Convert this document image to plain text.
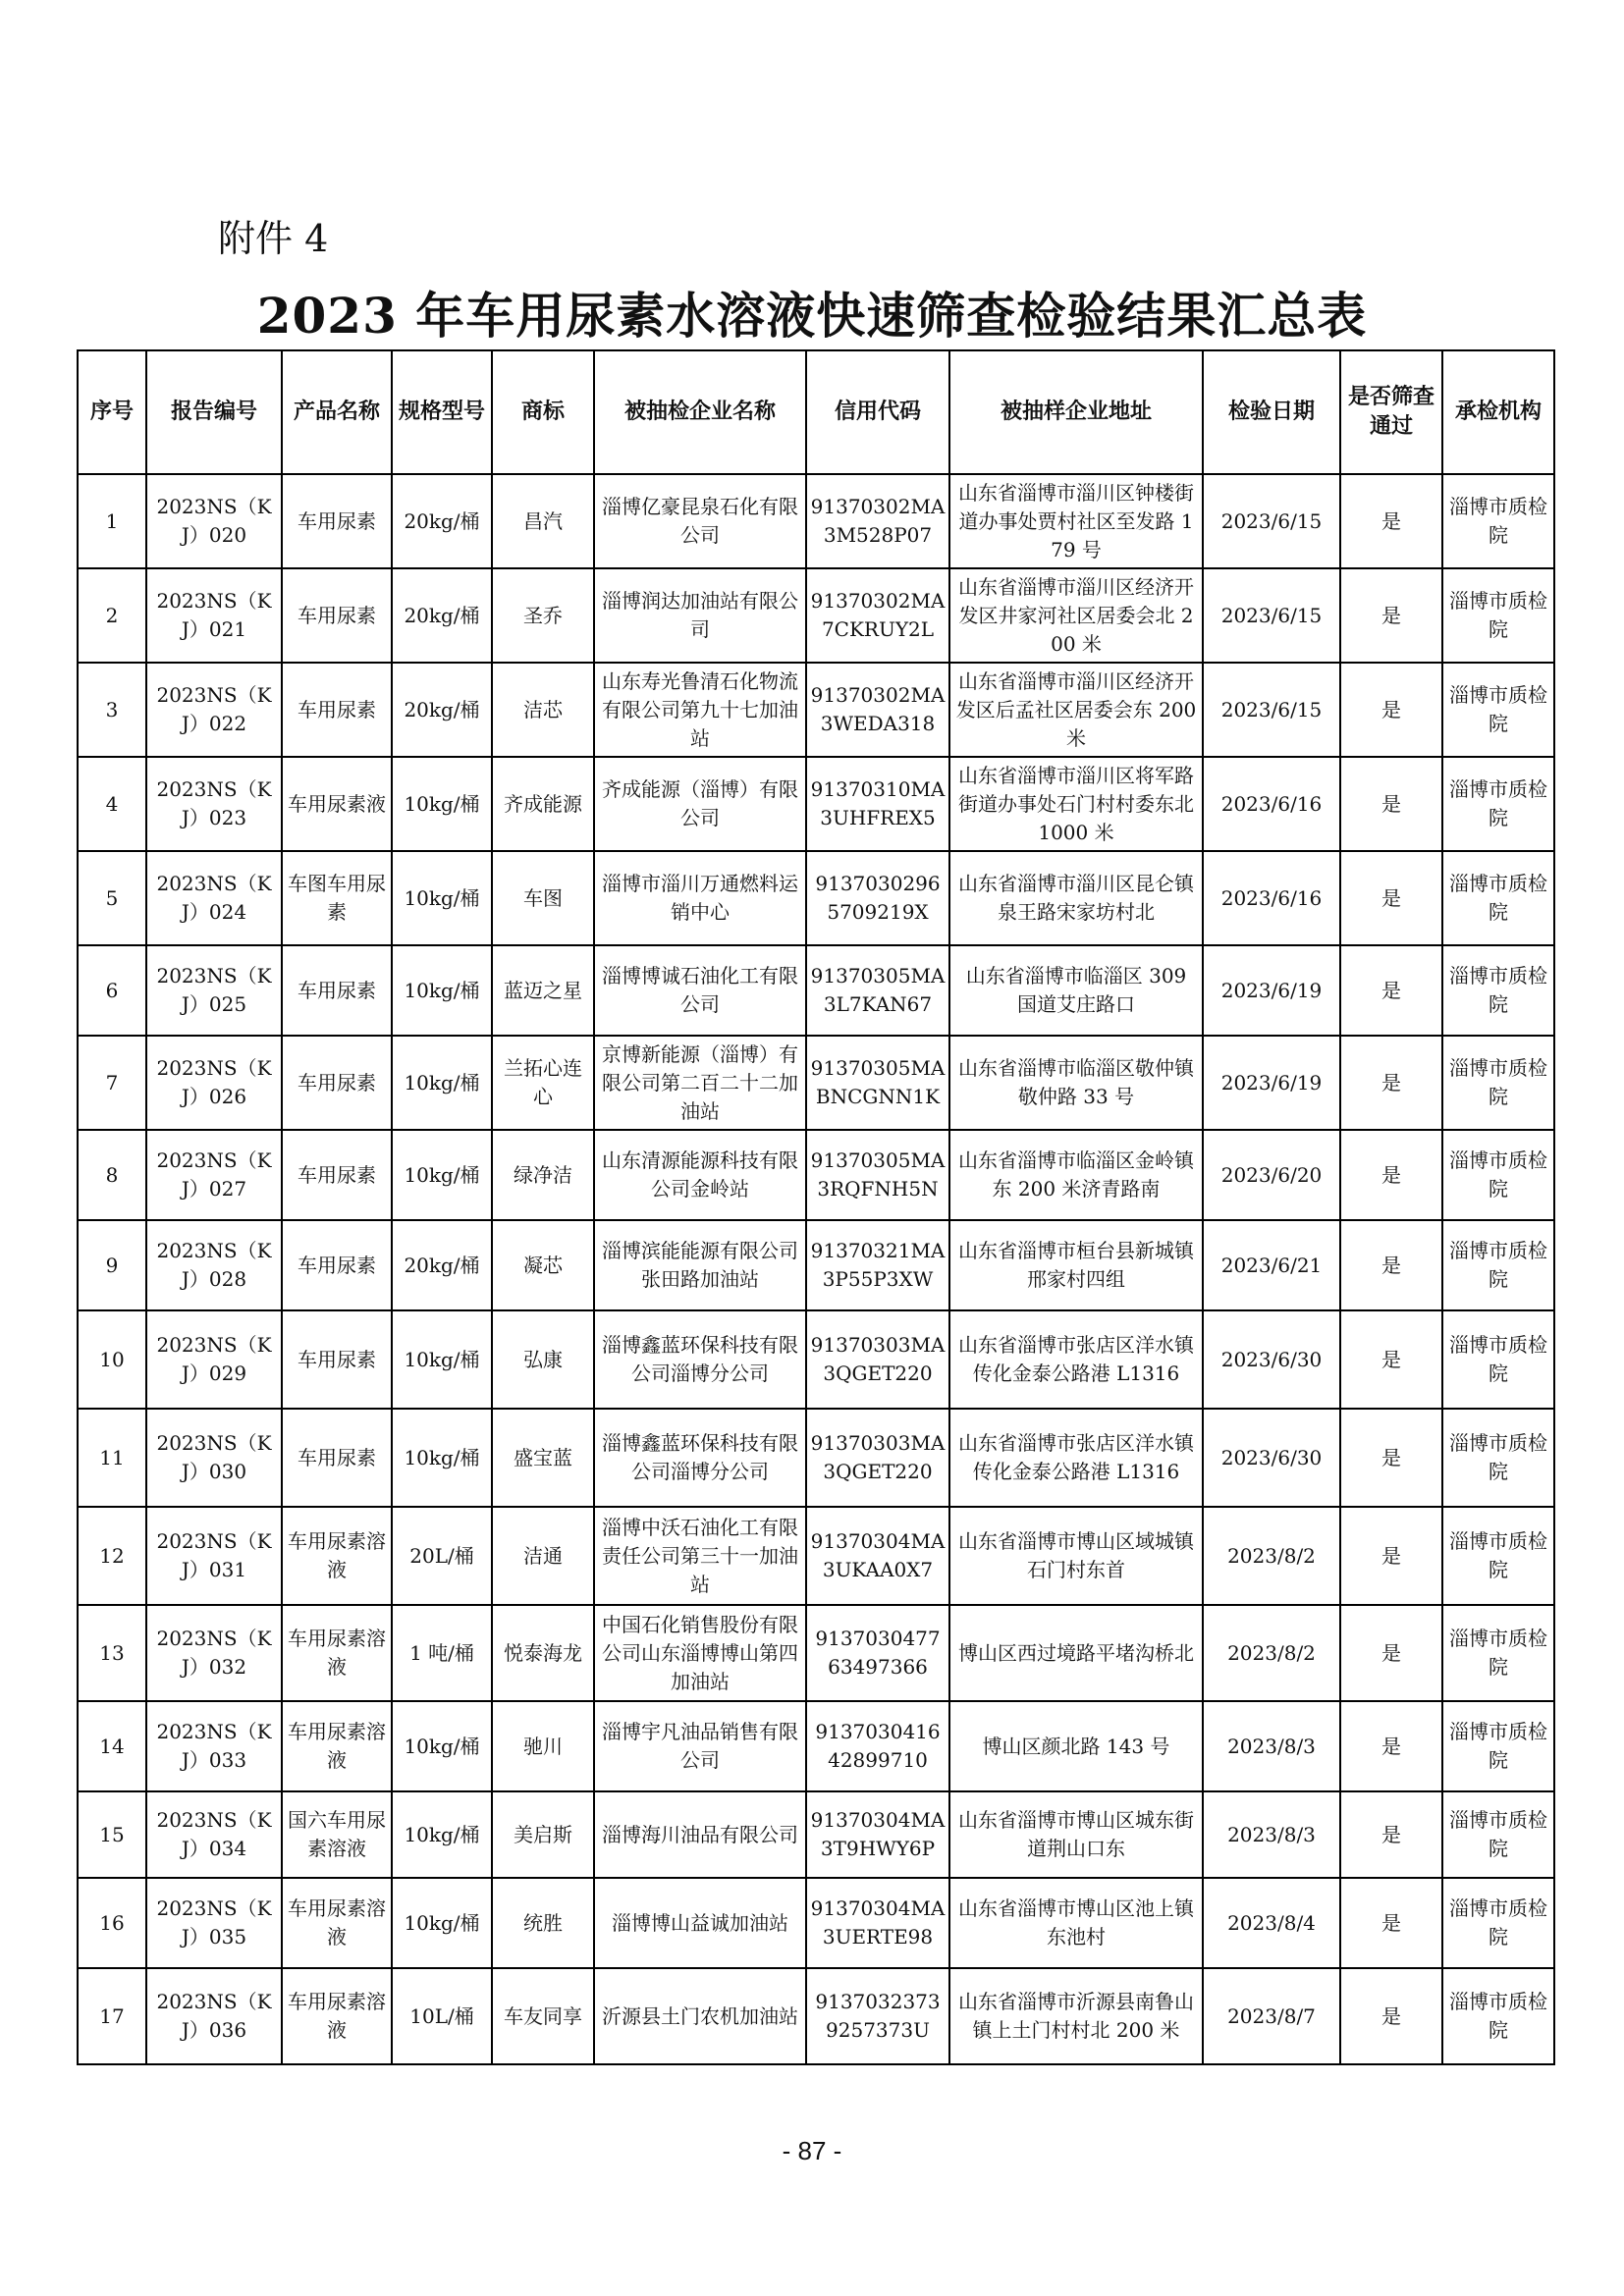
附件 4
2023 年车用尿素水溶液快速筛查检验结果汇总表
序号	报告编号	产品名称	规格型号	商标	被抽检企业名称	信用代码	被抽样企业地址	检验日期	是否筛查通过	承检机构
1	2023NS（KJ）020	车用尿素	20kg/桶	昌汽	淄博亿豪昆泉石化有限公司	91370302MA3M528P07	山东省淄博市淄川区钟楼街道办事处贾村社区至发路 179 号	2023/6/15	是	淄博市质检院
2	2023NS（KJ）021	车用尿素	20kg/桶	圣乔	淄博润达加油站有限公司	91370302MA7CKRUY2L	山东省淄博市淄川区经济开发区井家河社区居委会北 200 米	2023/6/15	是	淄博市质检院
3	2023NS（KJ）022	车用尿素	20kg/桶	洁芯	山东寿光鲁清石化物流有限公司第九十七加油站	91370302MA3WEDA318	山东省淄博市淄川区经济开发区后孟社区居委会东 200 米	2023/6/15	是	淄博市质检院
4	2023NS（KJ）023	车用尿素液	10kg/桶	齐成能源	齐成能源（淄博）有限公司	91370310MA3UHFREX5	山东省淄博市淄川区将军路街道办事处石门村村委东北 1000 米	2023/6/16	是	淄博市质检院
5	2023NS（KJ）024	车图车用尿素	10kg/桶	车图	淄博市淄川万通燃料运销中心	91370302965709219X	山东省淄博市淄川区昆仑镇泉王路宋家坊村北	2023/6/16	是	淄博市质检院
6	2023NS（KJ）025	车用尿素	10kg/桶	蓝迈之星	淄博博诚石油化工有限公司	91370305MA3L7KAN67	山东省淄博市临淄区 309 国道艾庄路口	2023/6/19	是	淄博市质检院
7	2023NS（KJ）026	车用尿素	10kg/桶	兰拓心连心	京博新能源（淄博）有限公司第二百二十二加油站	91370305MABNCGNN1K	山东省淄博市临淄区敬仲镇敬仲路 33 号	2023/6/19	是	淄博市质检院
8	2023NS（KJ）027	车用尿素	10kg/桶	绿净洁	山东清源能源科技有限公司金岭站	91370305MA3RQFNH5N	山东省淄博市临淄区金岭镇东 200 米济青路南	2023/6/20	是	淄博市质检院
9	2023NS（KJ）028	车用尿素	20kg/桶	凝芯	淄博滨能能源有限公司张田路加油站	91370321MA3P55P3XW	山东省淄博市桓台县新城镇邢家村四组	2023/6/21	是	淄博市质检院
10	2023NS（KJ）029	车用尿素	10kg/桶	弘康	淄博鑫蓝环保科技有限公司淄博分公司	91370303MA3QGET220	山东省淄博市张店区洋水镇传化金泰公路港 L1316	2023/6/30	是	淄博市质检院
11	2023NS（KJ）030	车用尿素	10kg/桶	盛宝蓝	淄博鑫蓝环保科技有限公司淄博分公司	91370303MA3QGET220	山东省淄博市张店区洋水镇传化金泰公路港 L1316	2023/6/30	是	淄博市质检院
12	2023NS（KJ）031	车用尿素溶液	20L/桶	洁通	淄博中沃石油化工有限责任公司第三十一加油站	91370304MA3UKAA0X7	山东省淄博市博山区域城镇石门村东首	2023/8/2	是	淄博市质检院
13	2023NS（KJ）032	车用尿素溶液	1 吨/桶	悦泰海龙	中国石化销售股份有限公司山东淄博博山第四加油站	913703047763497366	博山区西过境路平堵沟桥北	2023/8/2	是	淄博市质检院
14	2023NS（KJ）033	车用尿素溶液	10kg/桶	驰川	淄博宇凡油品销售有限公司	913703041642899710	博山区颜北路 143 号	2023/8/3	是	淄博市质检院
15	2023NS（KJ）034	国六车用尿素溶液	10kg/桶	美启斯	淄博海川油品有限公司	91370304MA3T9HWY6P	山东省淄博市博山区城东街道荆山口东	2023/8/3	是	淄博市质检院
16	2023NS（KJ）035	车用尿素溶液	10kg/桶	统胜	淄博博山益诚加油站	91370304MA3UERTE98	山东省淄博市博山区池上镇东池村	2023/8/4	是	淄博市质检院
17	2023NS（KJ）036	车用尿素溶液	10L/桶	车友同享	沂源县土门农机加油站	91370323739257373U	山东省淄博市沂源县南鲁山镇上土门村村北 200 米	2023/8/7	是	淄博市质检院
- 87 -
